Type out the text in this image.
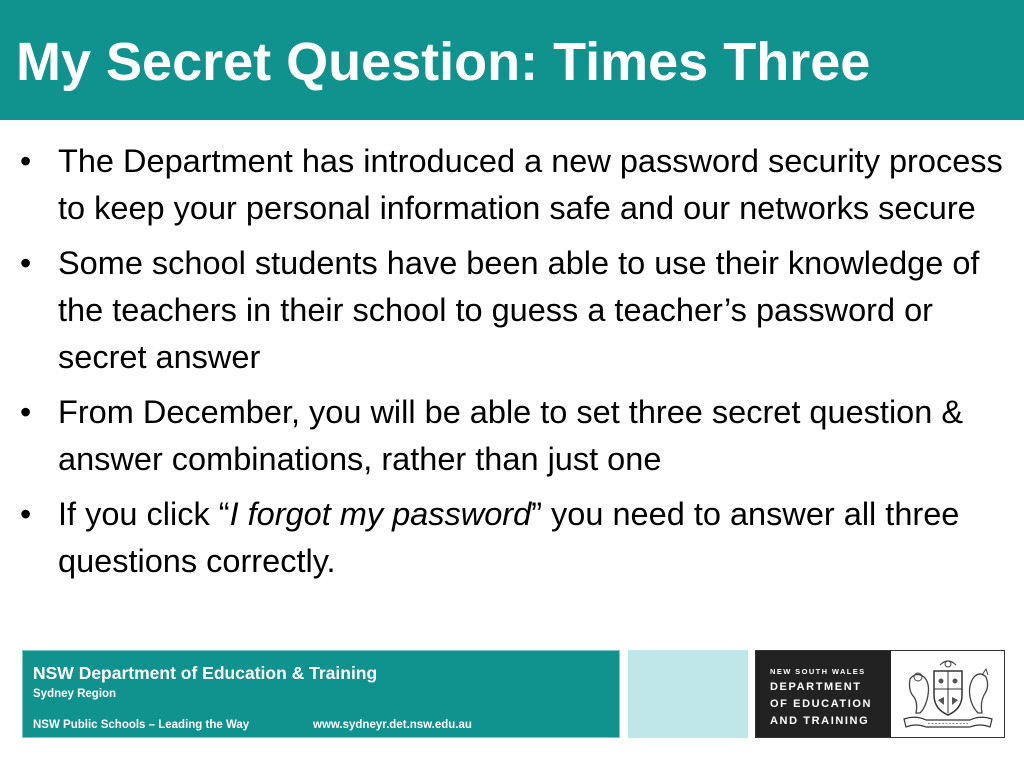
My Secret Question: Times Three
• The Department has introduced a new password security process to keep your personal information safe and our networks secure
• Some school students have been able to use their knowledge of the teachers in their school to guess a teacher’s password or secret answer
• From December, you will be able to set three secret question & answer combinations, rather than just one
• If you click “I forgot my password” you need to answer all three questions correctly.
NSW Department of Education & Training
Sydney Region
NSW Public Schools – Leading the Way	www.sydneyr.det.nsw.edu.au
NEW SOUTH WALES
DEPARTMENT
OF EDUCATION
AND TRAINING
